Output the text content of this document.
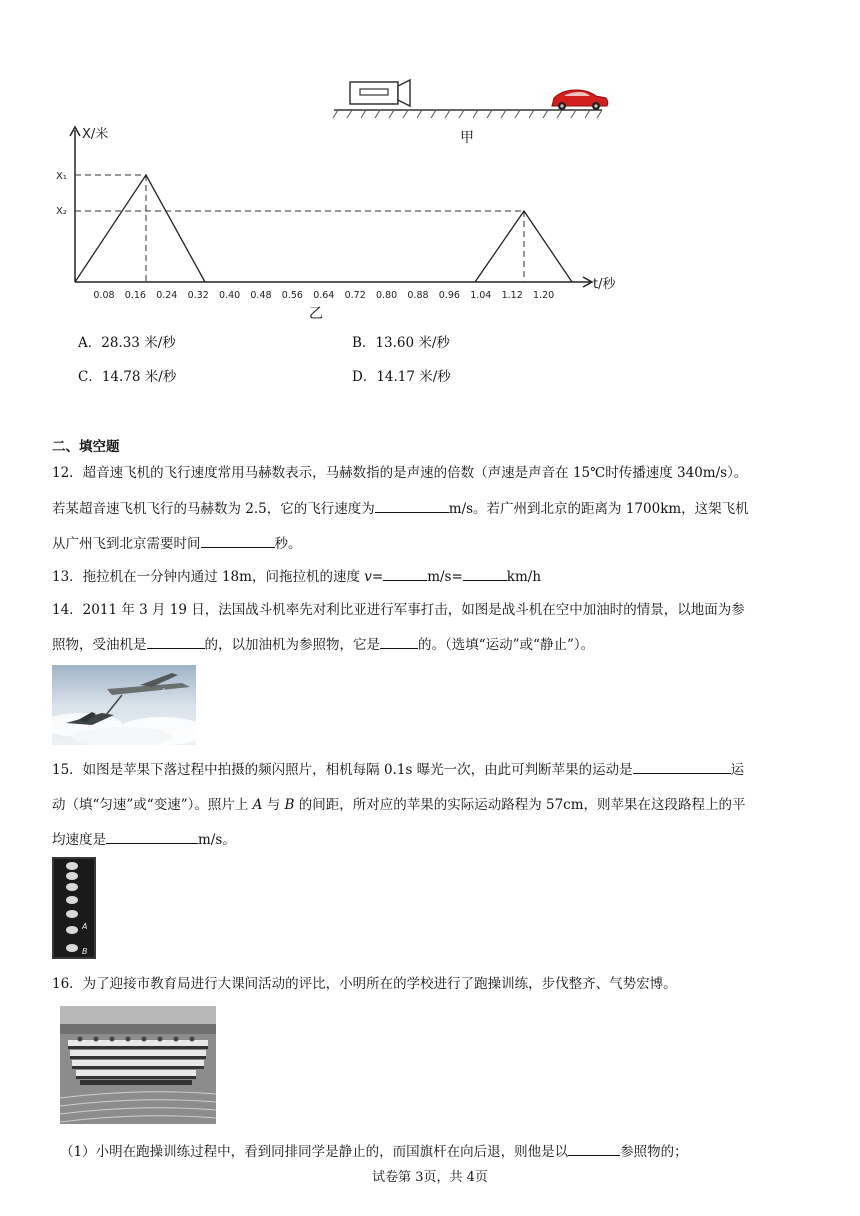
甲
X/米
t/秒
X₁
X₂
0.08 0.16 0.24 0.32 0.40 0.48 0.56 0.64 0.72 0.80 0.88 0.96 1.04 1.12 1.20
乙
A．28.33 米/秒	B．13.60 米/秒
C．14.78 米/秒	D．14.17 米/秒
二、填空题
12．超音速飞机的飞行速度常用马赫数表示，马赫数指的是声速的倍数（声速是声音在 15℃时传播速度 340m/s）。
若某超音速飞机飞行的马赫数为 2.5，它的飞行速度为	m/s。若广州到北京的距离为 1700km，这架飞机
从广州飞到北京需要时间	秒。
13．拖拉机在一分钟内通过 18m，问拖拉机的速度 v=	m/s=	km/h
14．2011 年 3 月 19 日，法国战斗机率先对利比亚进行军事打击，如图是战斗机在空中加油时的情景，以地面为参
照物，受油机是	的，以加油机为参照物，它是	的。（选填“运动”或“静止”）。
A
15．如图是苹果下落过程中拍摄的频闪照片，相机每隔 0.1s 曝光一次，由此可判断苹果的运动是	运
动（填“匀速”或“变速”）。照片上 A 与 B 的间距，所对应的苹果的实际运动路程为 57cm，则苹果在这段路程上的平
均速度是	m/s。
A
B
16．为了迎接市教育局进行大课间活动的评比，小明所在的学校进行了跑操训练，步伐整齐、气势宏博。
（1）小明在跑操训练过程中，看到同排同学是静止的，而国旗杆在向后退，则他是以	参照物的；
试卷第 3页，共 4页
